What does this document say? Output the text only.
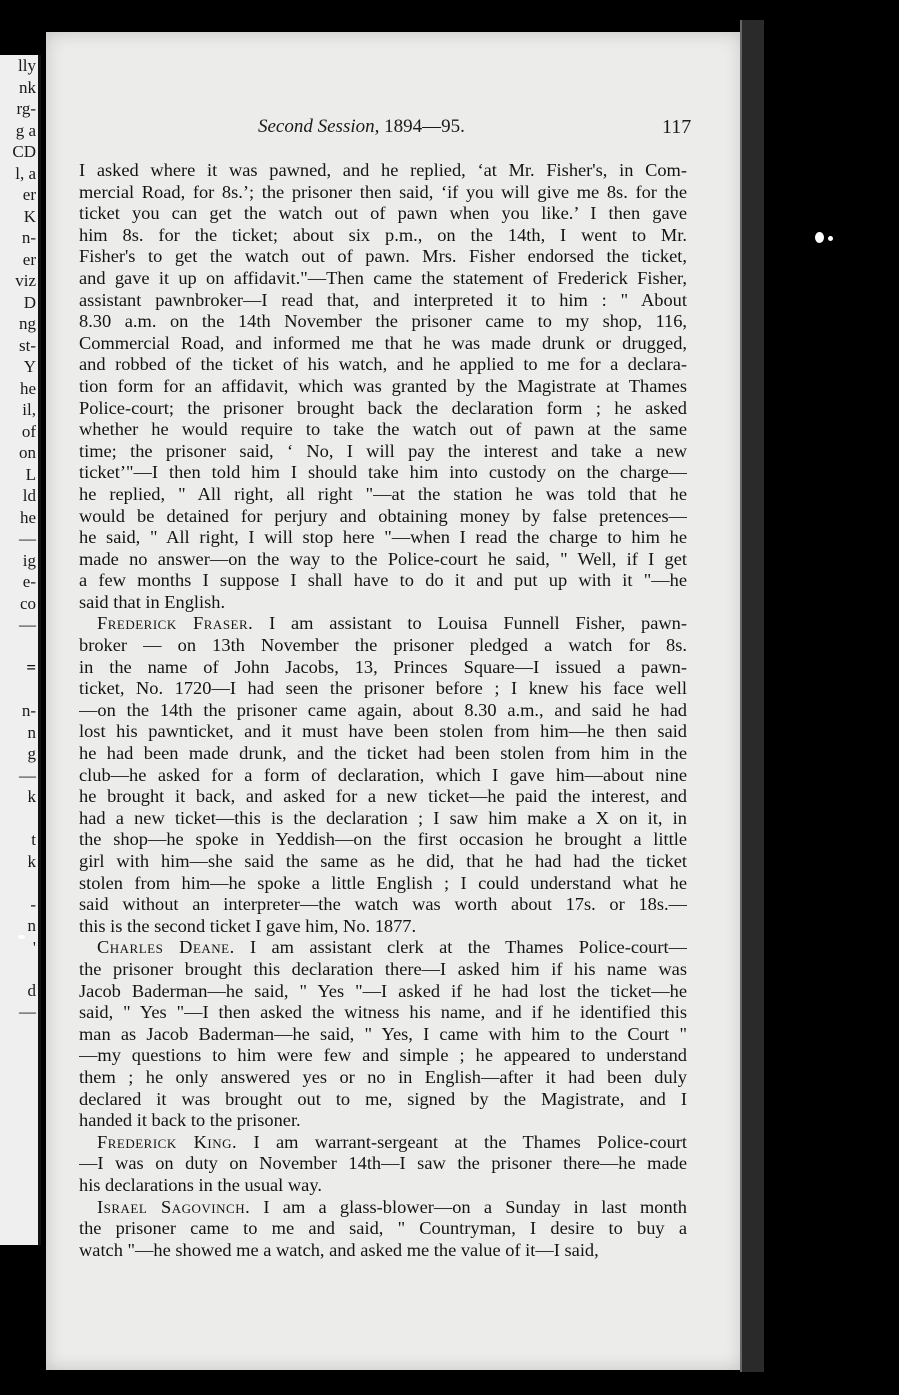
lly
nk
rg-
g a
CD
l, a
er
K
n-
er
viz
D
ng
st-
Y
he
il,
of
on
L
ld
he
—
ig
e-
co
—

=

n-
n
g
—
k

t
k

-
n
'

d
—
Second Session, 1894—95.	117

I asked where it was pawned, and he replied, ‘at Mr. Fisher's, in Com-
mercial Road, for 8s.’; the prisoner then said, ‘if you will give me 8s. for the
ticket you can get the watch out of pawn when you like.’ I then gave
him 8s. for the ticket; about six p.m., on the 14th, I went to Mr.
Fisher's to get the watch out of pawn. Mrs. Fisher endorsed the ticket,
and gave it up on affidavit."—Then came the statement of Frederick Fisher,
assistant pawnbroker—I read that, and interpreted it to him : " About
8.30 a.m. on the 14th November the prisoner came to my shop, 116,
Commercial Road, and informed me that he was made drunk or drugged,
and robbed of the ticket of his watch, and he applied to me for a declara-
tion form for an affidavit, which was granted by the Magistrate at Thames
Police-court; the prisoner brought back the declaration form ; he asked
whether he would require to take the watch out of pawn at the same
time; the prisoner said, ‘ No, I will pay the interest and take a new
ticket’"—I then told him I should take him into custody on the charge—
he replied, " All right, all right "—at the station he was told that he
would be detained for perjury and obtaining money by false pretences—
he said, " All right, I will stop here "—when I read the charge to him he
made no answer—on the way to the Police-court he said, " Well, if I get
a few months I suppose I shall have to do it and put up with it "—he
said that in English.

Frederick Fraser. I am assistant to Louisa Funnell Fisher, pawn-
broker — on 13th November the prisoner pledged a watch for 8s.
in the name of John Jacobs, 13, Princes Square—I issued a pawn-
ticket, No. 1720—I had seen the prisoner before ; I knew his face well
—on the 14th the prisoner came again, about 8.30 a.m., and said he had
lost his pawnticket, and it must have been stolen from him—he then said
he had been made drunk, and the ticket had been stolen from him in the
club—he asked for a form of declaration, which I gave him—about nine
he brought it back, and asked for a new ticket—he paid the interest, and
had a new ticket—this is the declaration ; I saw him make a X on it, in
the shop—he spoke in Yeddish—on the first occasion he brought a little
girl with him—she said the same as he did, that he had had the ticket
stolen from him—he spoke a little English ; I could understand what he
said without an interpreter—the watch was worth about 17s. or 18s.—
this is the second ticket I gave him, No. 1877.

Charles Deane. I am assistant clerk at the Thames Police-court—
the prisoner brought this declaration there—I asked him if his name was
Jacob Baderman—he said, " Yes "—I asked if he had lost the ticket—he
said, " Yes "—I then asked the witness his name, and if he identified this
man as Jacob Baderman—he said, " Yes, I came with him to the Court "
—my questions to him were few and simple ; he appeared to understand
them ; he only answered yes or no in English—after it had been duly
declared it was brought out to me, signed by the Magistrate, and I
handed it back to the prisoner.

Frederick King. I am warrant-sergeant at the Thames Police-court
—I was on duty on November 14th—I saw the prisoner there—he made
his declarations in the usual way.

Israel Sagovinch. I am a glass-blower—on a Sunday in last month
the prisoner came to me and said, " Countryman, I desire to buy a
watch "—he showed me a watch, and asked me the value of it—I said,
